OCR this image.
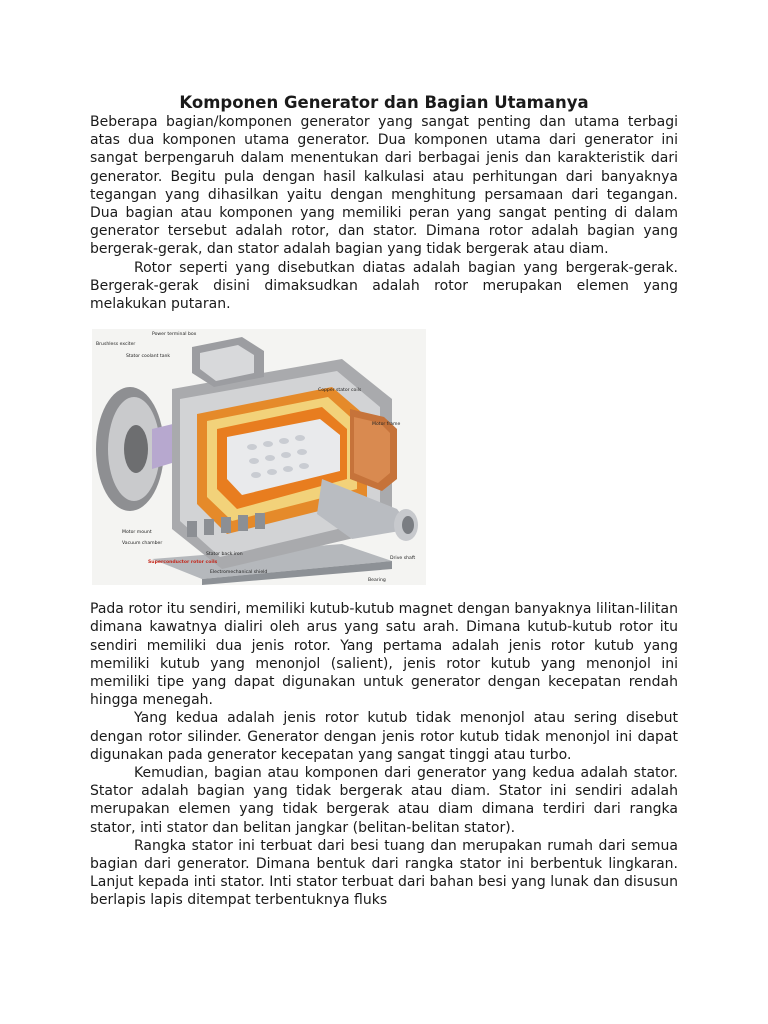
Komponen Generator dan Bagian Utamanya

Beberapa bagian/komponen generator yang sangat penting dan utama terbagi atas dua komponen utama generator. Dua komponen utama dari generator ini sangat berpengaruh dalam menentukan dari berbagai jenis dan karakteristik dari generator. Begitu pula dengan hasil kalkulasi atau perhitungan dari banyaknya tegangan yang dihasilkan yaitu dengan menghitung persamaan dari tegangan. Dua bagian atau komponen yang memiliki peran yang sangat penting di dalam generator tersebut adalah rotor, dan stator. Dimana rotor adalah bagian yang bergerak-gerak, dan stator adalah bagian yang tidak bergerak atau diam.

Rotor seperti yang disebutkan diatas adalah bagian yang bergerak-gerak. Bergerak-gerak disini dimaksudkan adalah rotor merupakan elemen yang melakukan putaran.

Brushless exciter
Power terminal box
Stator coolant tank
Copper stator coils
Motor frame
Motor mount
Vacuum chamber
Superconductor rotor coils
Stator back iron
Electromechanical shield
Drive shaft
Bearing

Pada rotor itu sendiri, memiliki kutub-kutub magnet dengan banyaknya lilitan-lilitan dimana kawatnya dialiri oleh arus yang satu arah. Dimana kutub-kutub rotor itu sendiri memiliki dua jenis rotor. Yang pertama adalah jenis rotor kutub yang memiliki kutub yang menonjol (salient), jenis rotor kutub yang menonjol ini memiliki tipe yang dapat digunakan untuk generator dengan kecepatan rendah hingga menegah.

Yang kedua adalah jenis rotor kutub tidak menonjol atau sering disebut dengan rotor silinder. Generator dengan jenis rotor kutub tidak menonjol ini dapat digunakan pada generator kecepatan yang sangat tinggi atau turbo.

Kemudian, bagian atau komponen dari generator yang kedua adalah stator. Stator adalah bagian yang tidak bergerak atau diam. Stator ini sendiri adalah merupakan elemen yang tidak bergerak atau diam dimana terdiri dari rangka stator, inti stator dan belitan jangkar (belitan-belitan stator).

Rangka stator ini terbuat dari besi tuang dan merupakan rumah dari semua bagian dari generator. Dimana bentuk dari rangka stator ini berbentuk lingkaran. Lanjut kepada inti stator. Inti stator terbuat dari bahan besi yang lunak dan disusun berlapis lapis ditempat terbentuknya fluks
